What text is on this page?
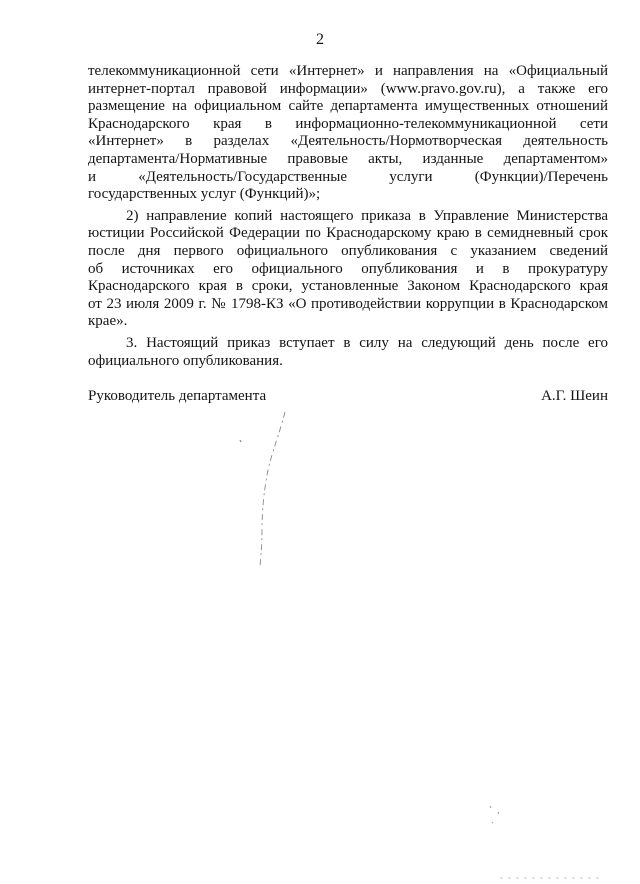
2
телекоммуникационной сети «Интернет» и направления на «Официальный
интернет-портал правовой информации» (www.pravo.gov.ru), а также его
размещение на официальном сайте департамента имущественных отношений
Краснодарского края в информационно-телекоммуникационной сети
«Интернет» в разделах «Деятельность/Нормотворческая деятельность
департамента/Нормативные правовые акты, изданные департаментом»
и «Деятельность/Государственные услуги (Функции)/Перечень
государственных услуг (Функций)»;
2) направление копий настоящего приказа в Управление Министерства
юстиции Российской Федерации по Краснодарскому краю в семидневный срок
после дня первого официального опубликования с указанием сведений
об источниках его официального опубликования и в прокуратуру
Краснодарского края в сроки, установленные Законом Краснодарского края
от 23 июля 2009 г. № 1798-КЗ «О противодействии коррупции в Краснодарском
крае».
3. Настоящий приказ вступает в силу на следующий день после его
официального опубликования.
Руководитель департамента	А.Г. Шеин
